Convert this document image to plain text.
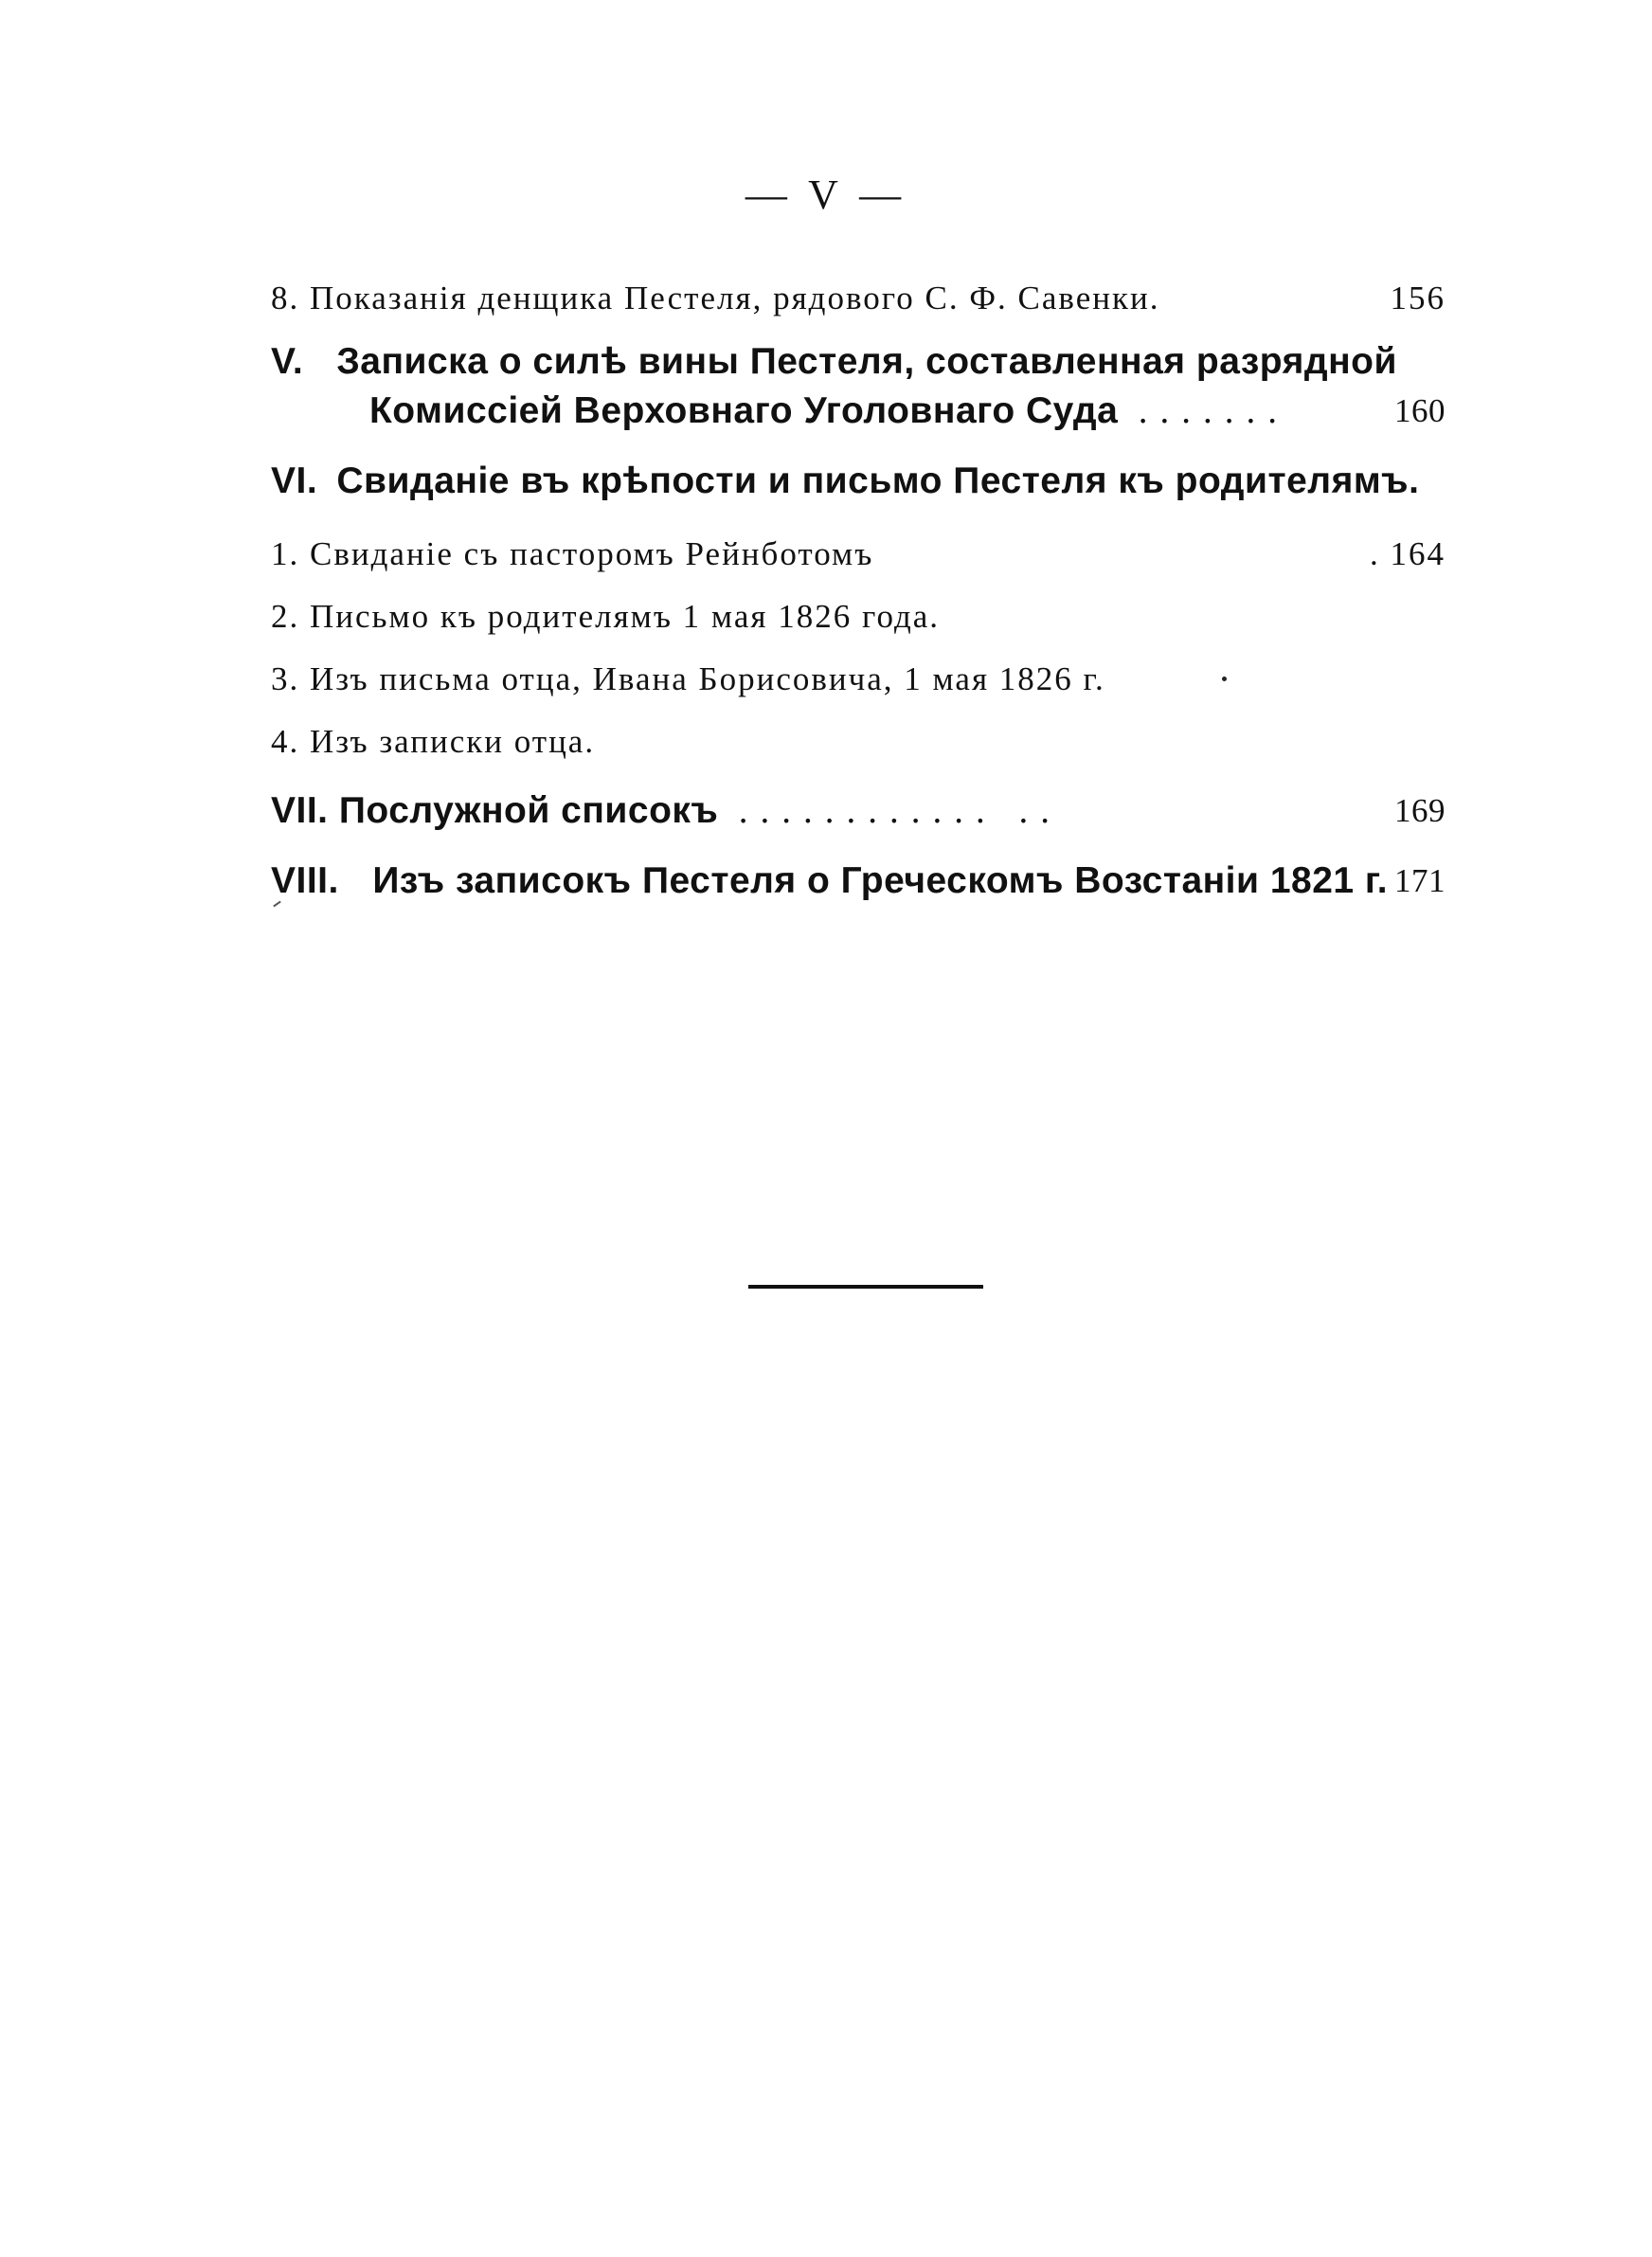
— V —
8. Показанія денщика Пестеля, рядового С. Ф. Савенки.	156
V. Записка о силѣ вины Пестеля, составленная разрядной
Комиссіей Верховнаго Уголовнаго Суда .......	160
VI. Свиданіе въ крѣпости и письмо Пестеля къ родителямъ.
1. Свиданіе съ пасторомъ Рейнботомъ	. 164
2. Письмо къ родителямъ 1 мая 1826 года.
3. Изъ письма отца, Ивана Борисовича, 1 мая 1826 г.
4. Изъ записки отца.
VII. Послужной списокъ ............ ..	169
VIII. Изъ записокъ Пестеля о Греческомъ Возстаніи 1821 г. 171
